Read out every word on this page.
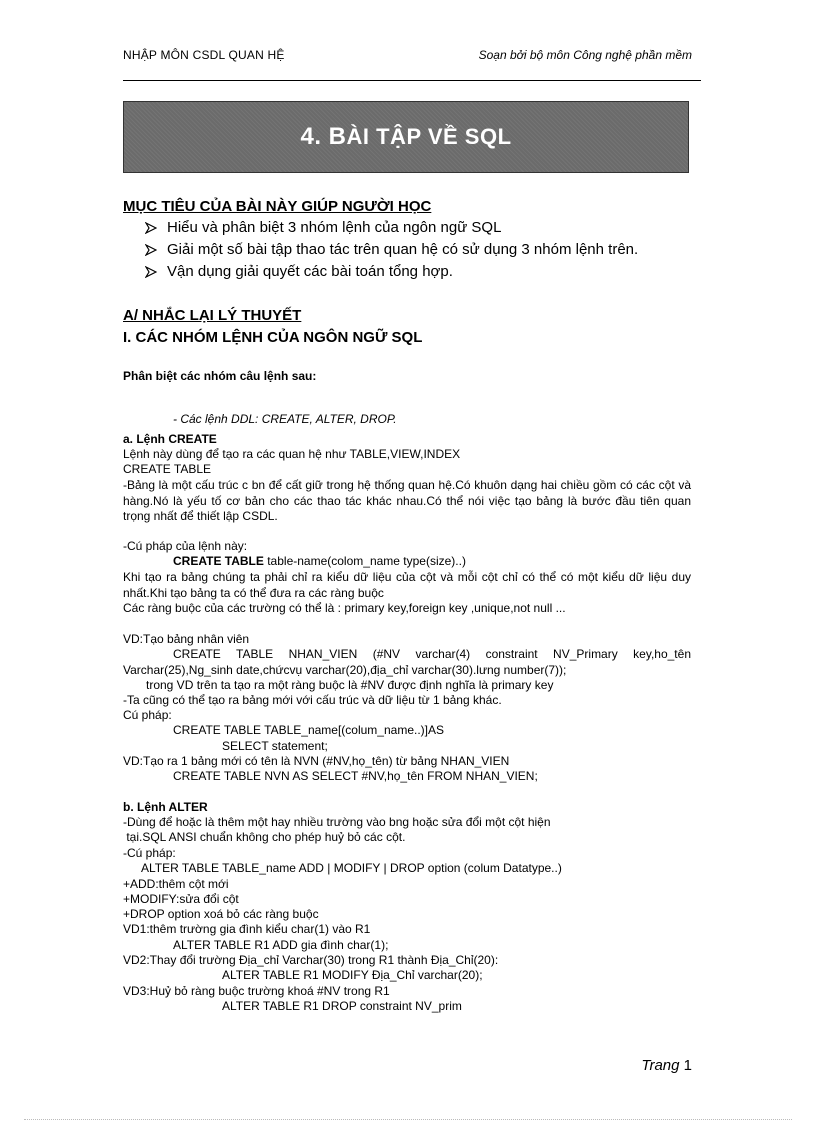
NHẬP MÔN CSDL QUAN HỆ	Soạn bởi bộ môn Công nghệ phần mềm
4. BÀI TẬP VỀ SQL
MỤC TIÊU CỦA BÀI NÀY GIÚP NGƯỜI HỌC
Hiểu và phân biệt 3 nhóm lệnh của ngôn ngữ SQL
Giải một số bài tập thao tác trên quan hệ có sử dụng 3 nhóm lệnh trên.
Vận dụng giải quyết các bài toán tổng hợp.
A/ NHẮC LẠI LÝ THUYẾT
I. CÁC NHÓM LỆNH CỦA NGÔN NGỮ SQL
Phân biệt các nhóm câu lệnh sau:
- Các lệnh DDL: CREATE, ALTER, DROP.
a. Lệnh CREATE
Lệnh này dùng để tạo ra các quan hệ như TABLE,VIEW,INDEX
CREATE TABLE
-Bảng là một cấu trúc c bn để cất giữ trong hệ thống quan hệ.Có khuôn dạng hai chiều gồm có các cột và hàng.Nó là yếu tố cơ bản cho các thao tác khác nhau.Có thể nói việc tạo bảng là bước đầu tiên quan trọng nhất để thiết lập CSDL.
-Cú pháp của lệnh này:
CREATE TABLE table-name(colom_name type(size)..)
Khi tạo ra bảng chúng ta phải chỉ ra kiểu dữ liệu của cột và mỗi cột chỉ có thể có một kiểu dữ liệu duy nhất.Khi tạo bảng ta có thể đưa ra các ràng buộc
Các ràng buộc của các trường có thể là : primary key,foreign key ,unique,not null ...
VD:Tạo bảng nhân viên
CREATE TABLE NHAN_VIEN (#NV varchar(4) constraint NV_Primary key,ho_tên Varchar(25),Ng_sinh date,chứcvụ varchar(20),địa_chỉ varchar(30).lưng number(7));
trong VD trên ta tạo ra một ràng buộc là #NV được định nghĩa là primary key
-Ta cũng có thể tạo ra bảng mới với cấu trúc và dữ liệu từ 1 bảng khác.
Cú pháp:
CREATE TABLE TABLE_name[(colum_name..)]AS
SELECT statement;
VD:Tạo ra 1 bảng mới có tên là NVN (#NV,họ_tên) từ bảng NHAN_VIEN
CREATE TABLE NVN AS SELECT #NV,họ_tên FROM NHAN_VIEN;
b. Lệnh ALTER
-Dùng để hoặc là thêm một hay nhiều trường vào bng hoặc sửa đổi một cột hiện
tại.SQL ANSI chuẩn không cho phép huỷ bỏ các cột.
-Cú pháp:
ALTER TABLE TABLE_name ADD | MODIFY | DROP option (colum Datatype..)
+ADD:thêm cột mới
+MODIFY:sửa đổi cột
+DROP option xoá bỏ các ràng buộc
VD1:thêm trường gia đình kiểu char(1) vào R1
ALTER TABLE R1 ADD gia đình char(1);
VD2:Thay đổi trường Địa_chỉ Varchar(30) trong R1 thành Địa_Chỉ(20):
ALTER TABLE R1 MODIFY Địa_Chỉ varchar(20);
VD3:Huỷ bỏ ràng buộc trường khoá #NV trong R1
ALTER TABLE R1 DROP constraint NV_prim
Trang 1
